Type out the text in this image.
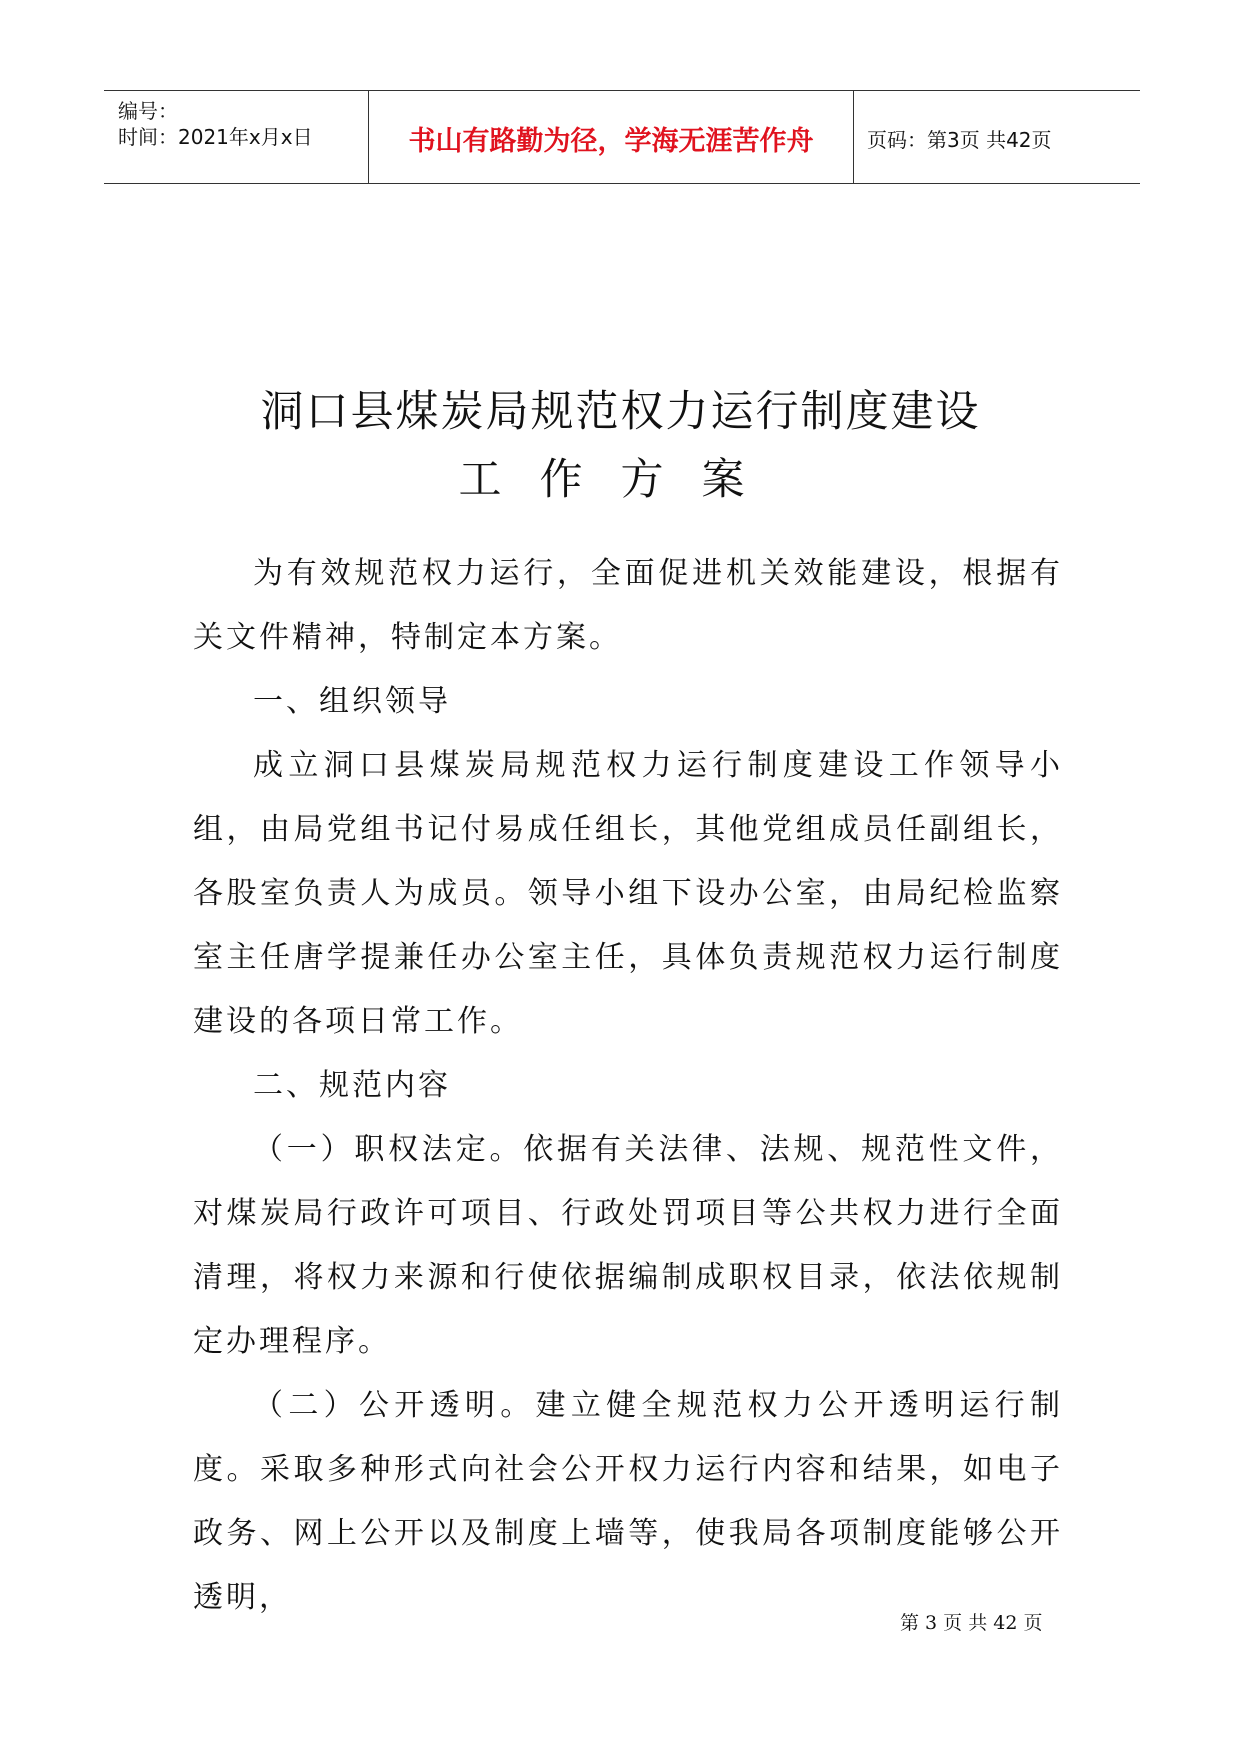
编号：
时间：2021年x月x日	书山有路勤为径，学海无涯苦作舟	页码：第3页 共42页
洞口县煤炭局规范权力运行制度建设
工作方案

为有效规范权力运行，全面促进机关效能建设，根据有关文件精神，特制定本方案。

一、组织领导

成立洞口县煤炭局规范权力运行制度建设工作领导小组，由局党组书记付易成任组长，其他党组成员任副组长，各股室负责人为成员。领导小组下设办公室，由局纪检监察室主任唐学提兼任办公室主任，具体负责规范权力运行制度建设的各项日常工作。

二、规范内容

（一）职权法定。依据有关法律、法规、规范性文件，对煤炭局行政许可项目、行政处罚项目等公共权力进行全面清理，将权力来源和行使依据编制成职权目录，依法依规制定办理程序。

（二）公开透明。建立健全规范权力公开透明运行制度。采取多种形式向社会公开权力运行内容和结果，如电子政务、网上公开以及制度上墙等，使我局各项制度能够公开透明，

第 3 页 共 42 页
